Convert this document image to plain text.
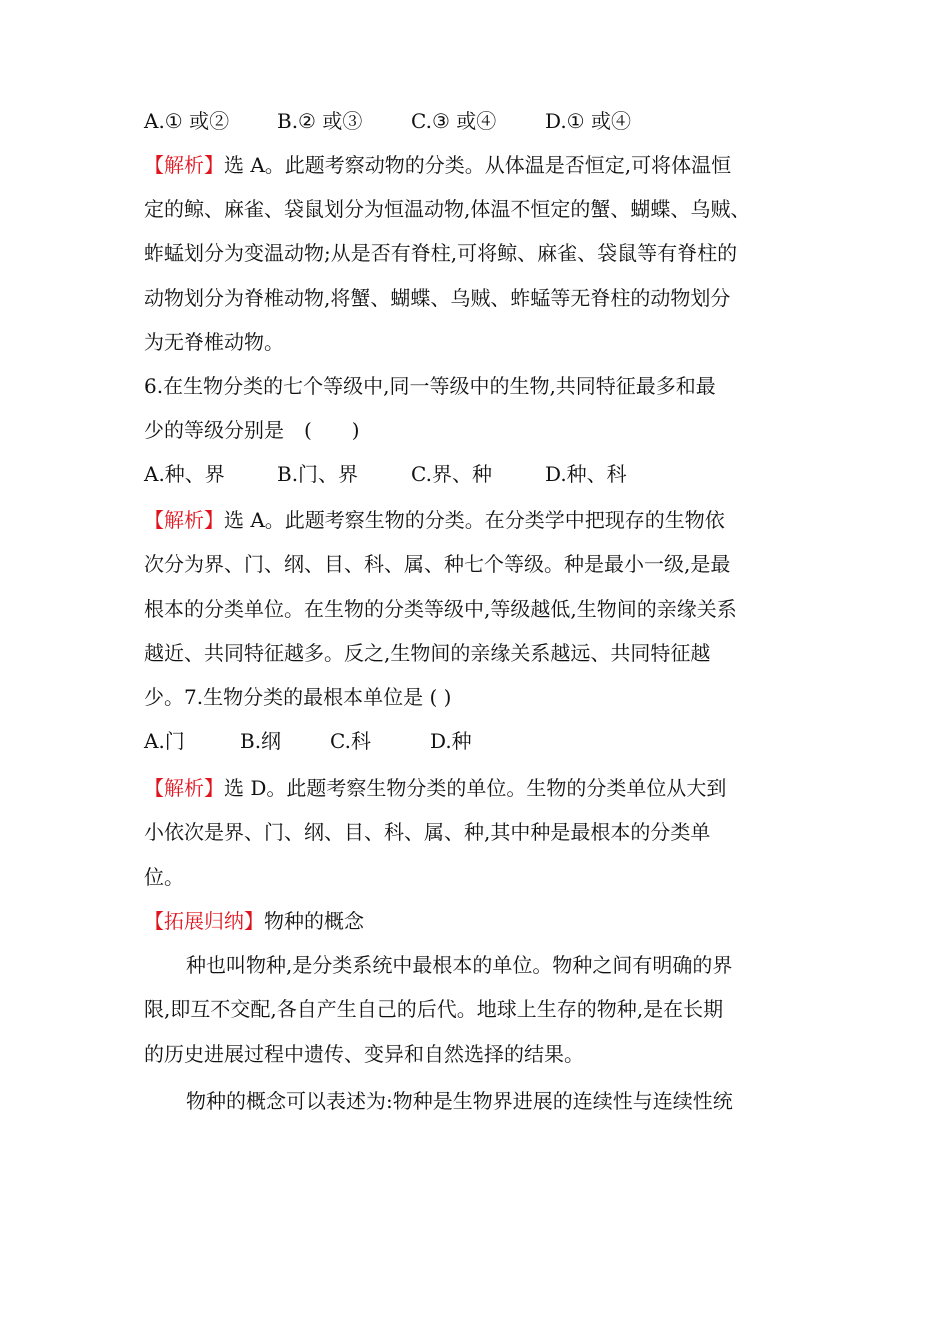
A.① 或② B.② 或③ C.③ 或④ D.① 或④
【解析】选 A。此题考察动物的分类。从体温是否恒定,可将体温恒
定的鲸、麻雀、袋鼠划分为恒温动物,体温不恒定的蟹、蝴蝶、乌贼、
蚱蜢划分为变温动物;从是否有脊柱,可将鲸、麻雀、袋鼠等有脊柱的
动物划分为脊椎动物,将蟹、蝴蝶、乌贼、蚱蜢等无脊柱的动物划分
为无脊椎动物。
6.在生物分类的七个等级中,同一等级中的生物,共同特征最多和最
少的等级分别是　(　　)
A.种、界	B.门、界	C.界、种	D.种、科
【解析】选 A。此题考察生物的分类。在分类学中把现存的生物依
次分为界、门、纲、目、科、属、种七个等级。种是最小一级,是最
根本的分类单位。在生物的分类等级中,等级越低,生物间的亲缘关系
越近、共同特征越多。反之,生物间的亲缘关系越远、共同特征越
少。7.生物分类的最根本单位是 ( )
A.门	B.纲 C.科	D.种
【解析】选 D。此题考察生物分类的单位。生物的分类单位从大到
小依次是界、门、纲、目、科、属、种,其中种是最根本的分类单
位。
【拓展归纳】物种的概念
种也叫物种,是分类系统中最根本的单位。物种之间有明确的界
限,即互不交配,各自产生自己的后代。地球上生存的物种,是在长期
的历史进展过程中遗传、变异和自然选择的结果。
物种的概念可以表述为:物种是生物界进展的连续性与连续性统
